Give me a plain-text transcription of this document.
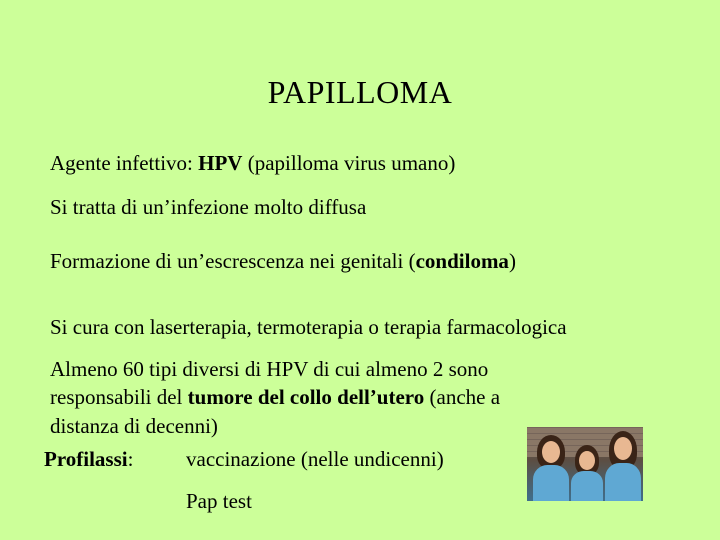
PAPILLOMA
Agente infettivo: HPV (papilloma virus umano)
Si tratta di un’infezione molto diffusa
Formazione di un’escrescenza nei genitali (condiloma)
Si cura con laserterapia, termoterapia o terapia farmacologica
Almeno 60 tipi diversi di HPV di cui almeno 2 sono
responsabili del tumore del collo dell’utero (anche a
distanza di decenni)
Profilassi:	vaccinazione (nelle undicenni)
Pap test
